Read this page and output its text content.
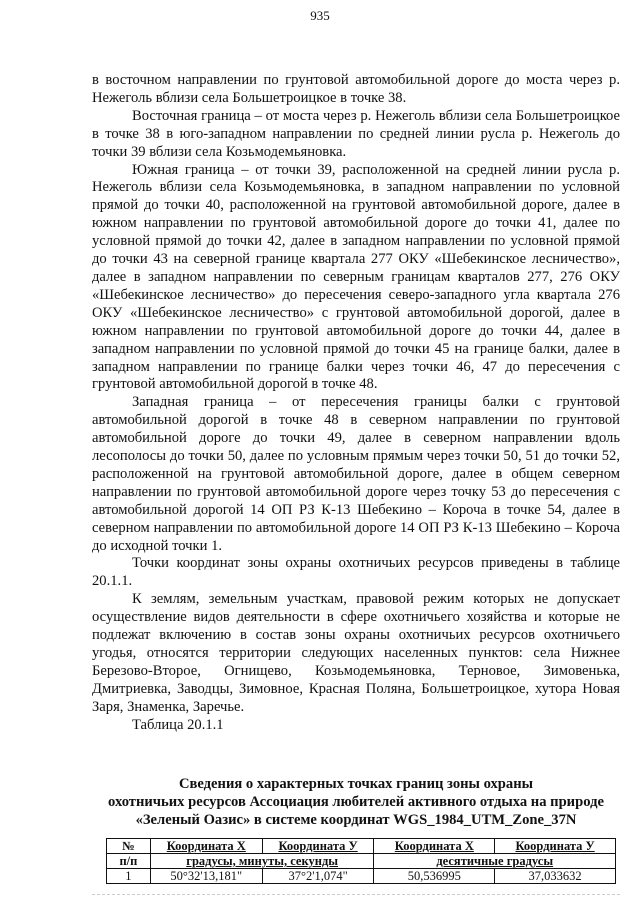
935

в восточном направлении по грунтовой автомобильной дороге до моста через р. Нежеголь вблизи села Большетроицкое в точке 38.

Восточная граница – от моста через р. Нежеголь вблизи села Большетроицкое в точке 38 в юго-западном направлении по средней линии русла р. Нежеголь до точки 39 вблизи села Козьмодемьяновка.

Южная граница – от точки 39, расположенной на средней линии русла р. Нежеголь вблизи села Козьмодемьяновка, в западном направлении по условной прямой до точки 40, расположенной на грунтовой автомобильной дороге, далее в южном направлении по грунтовой автомобильной дороге до точки 41, далее по условной прямой до точки 42, далее в западном направлении по условной прямой до точки 43 на северной границе квартала 277 ОКУ «Шебекинское лесничество», далее в западном направлении по северным границам кварталов 277, 276 ОКУ «Шебекинское лесничество» до пересечения северо-западного угла квартала 276 ОКУ «Шебекинское лесничество» с грунтовой автомобильной дорогой, далее в южном направлении по грунтовой автомобильной дороге до точки 44, далее в западном направлении по условной прямой до точки 45 на границе балки, далее в западном направлении по границе балки через точки 46, 47 до пересечения с грунтовой автомобильной дорогой в точке 48.

Западная граница – от пересечения границы балки с грунтовой автомобильной дорогой в точке 48 в северном направлении по грунтовой автомобильной дороге до точки 49, далее в северном направлении вдоль лесополосы до точки 50, далее по условным прямым через точки 50, 51 до точки 52, расположенной на грунтовой автомобильной дороге, далее в общем северном направлении по грунтовой автомобильной дороге через точку 53 до пересечения с автомобильной дорогой 14 ОП РЗ К-13 Шебекино – Корочa в точке 54, далее в северном направлении по автомобильной дороге 14 ОП РЗ К-13 Шебекино – Корочa до исходной точки 1.

Точки координат зоны охраны охотничьих ресурсов приведены в таблице 20.1.1.

К землям, земельным участкам, правовой режим которых не допускает осуществление видов деятельности в сфере охотничьего хозяйства и которые не подлежат включению в состав зоны охраны охотничьих ресурсов охотничьего угодья, относятся территории следующих населенных пунктов: села Нижнее Березово-Второе, Огнищево, Козьмодемьяновка, Терновое, Зимовенька, Дмитриевка, Заводцы, Зимовное, Красная Поляна, Большетроицкое, хутора Новая Заря, Знаменка, Заречье.

Таблица 20.1.1

Сведения о характерных точках границ зоны охраны
охотничьих ресурсов Ассоциация любителей активного отдыха на природе
«Зеленый Оазис» в системе координат WGS_1984_UTM_Zone_37N
№	Координата X	Координата У	Координата X	Координата У
п/п	градусы, минуты, секунды		десятичные градусы	
1	50°32'13,181"	37°2'1,074"	50,536995	37,033632
